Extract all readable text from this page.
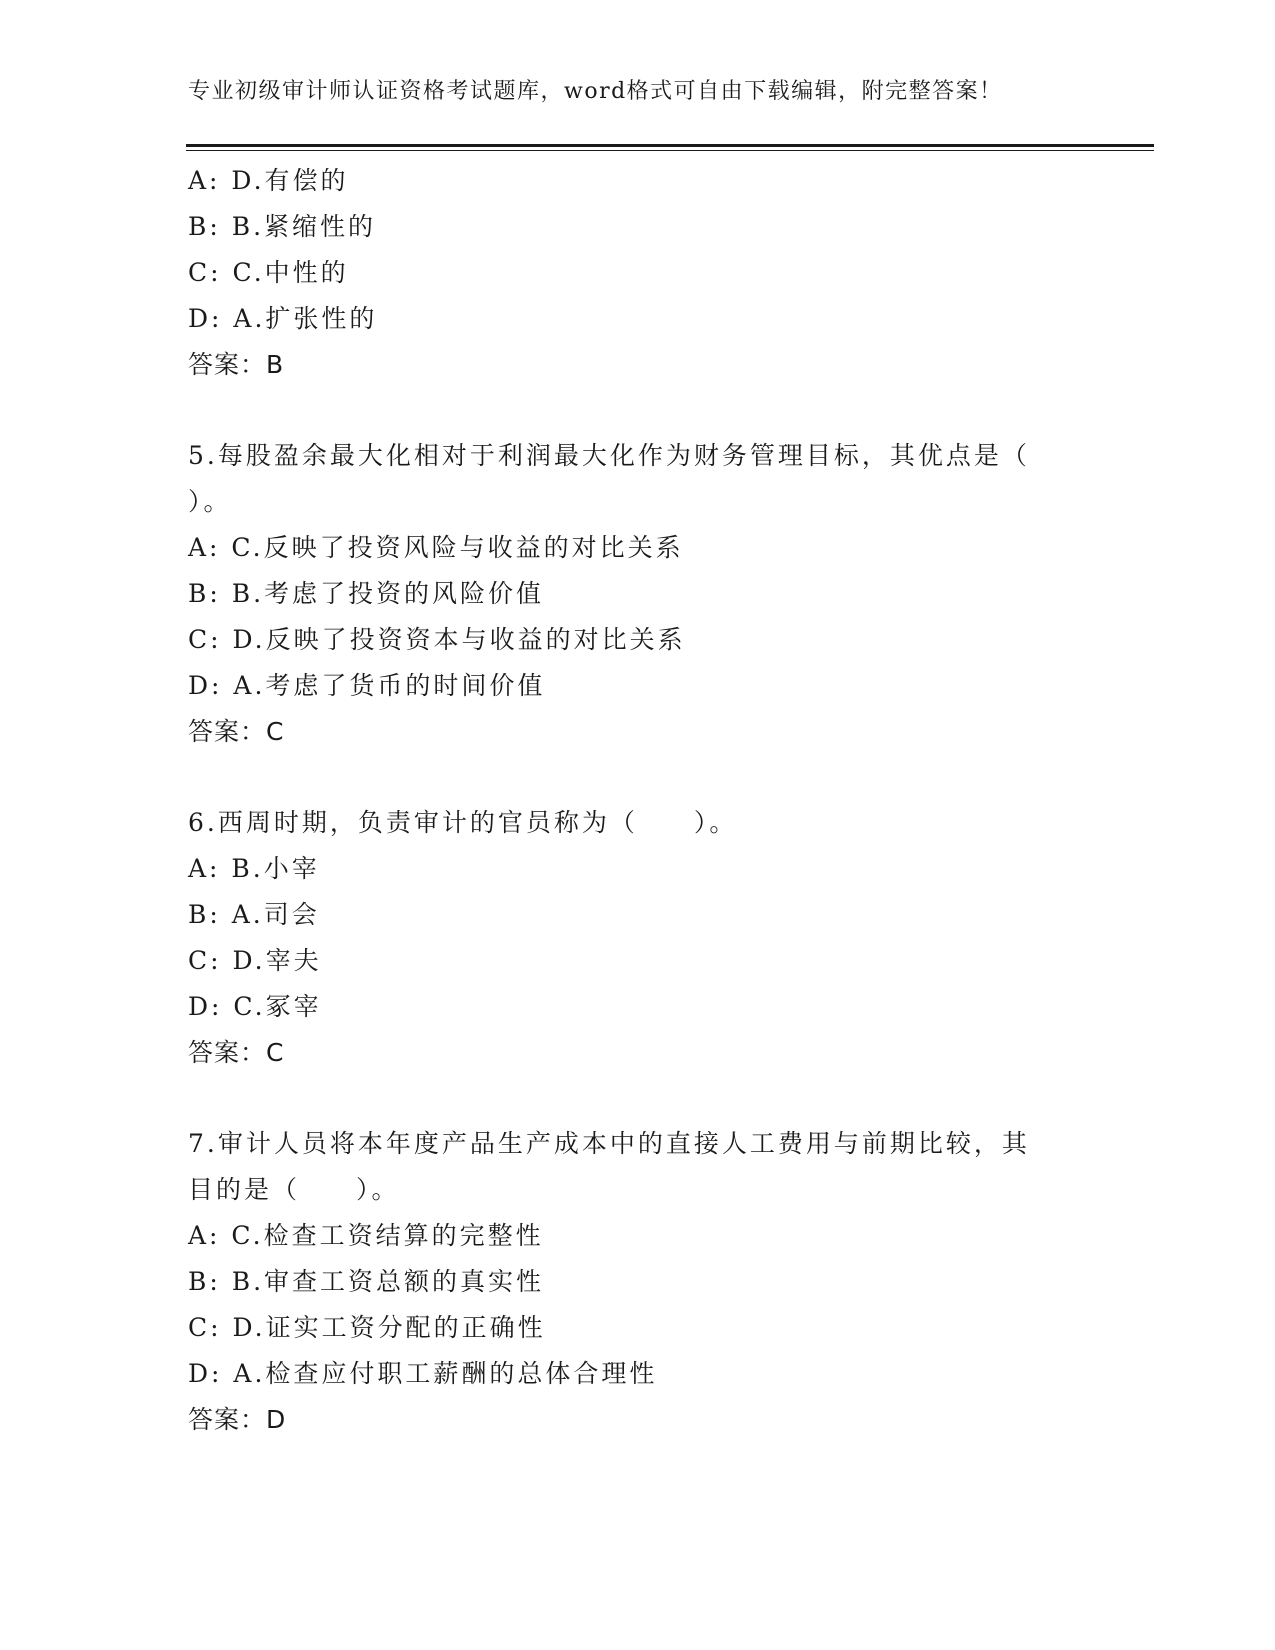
专业初级审计师认证资格考试题库，word格式可自由下载编辑，附完整答案！
A: D.有偿的
B: B.紧缩性的
C: C.中性的
D: A.扩张性的
答案：B
5.每股盈余最大化相对于利润最大化作为财务管理目标，其优点是（
）。
A: C.反映了投资风险与收益的对比关系
B: B.考虑了投资的风险价值
C: D.反映了投资资本与收益的对比关系
D: A.考虑了货币的时间价值
答案：C
6.西周时期，负责审计的官员称为（　　）。
A: B.小宰
B: A.司会
C: D.宰夫
D: C.冢宰
答案：C
7.审计人员将本年度产品生产成本中的直接人工费用与前期比较，其
目的是（　　）。
A: C.检查工资结算的完整性
B: B.审查工资总额的真实性
C: D.证实工资分配的正确性
D: A.检查应付职工薪酬的总体合理性
答案：D
